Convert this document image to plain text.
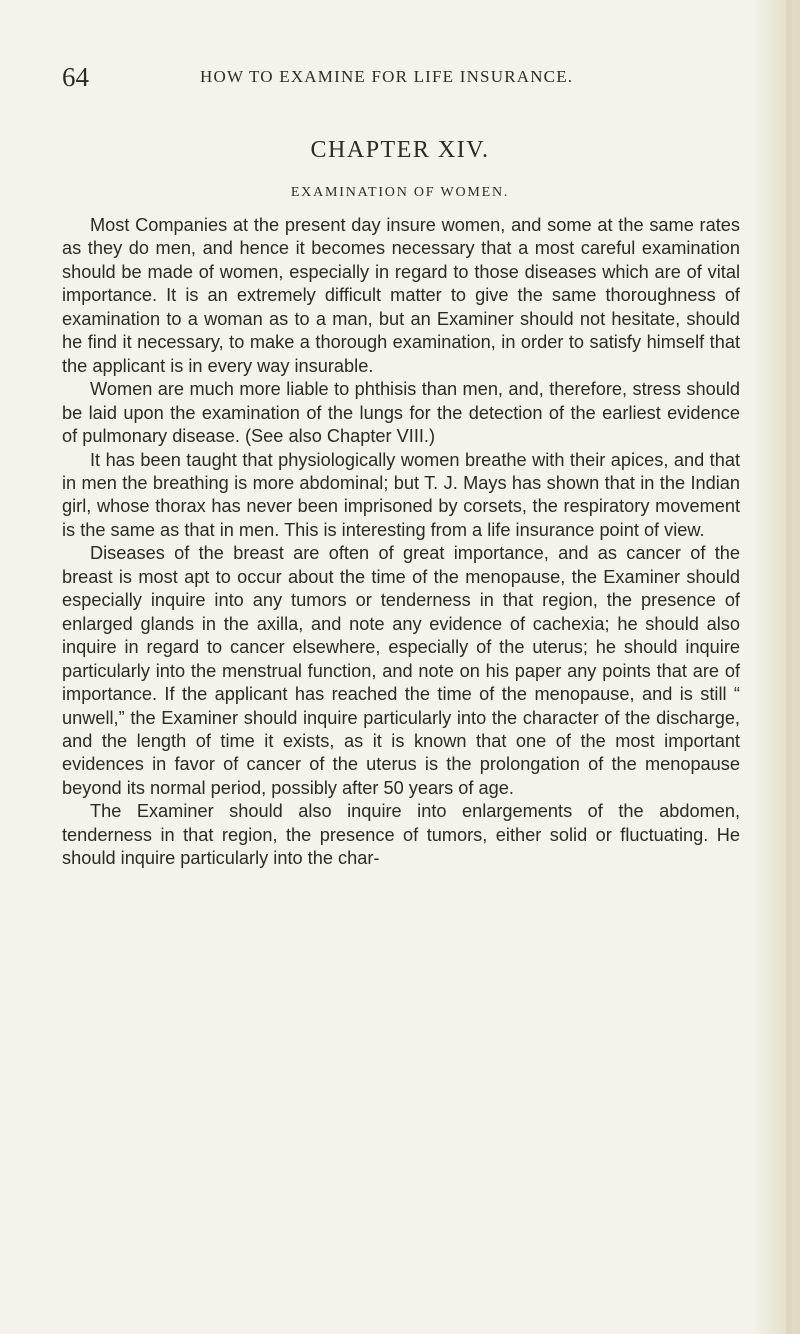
64	HOW TO EXAMINE FOR LIFE INSURANCE.
CHAPTER XIV.
EXAMINATION OF WOMEN.

Most Companies at the present day insure women, and some at the same rates as they do men, and hence it becomes necessary that a most careful examination should be made of women, especially in regard to those diseases which are of vital importance. It is an extremely difficult matter to give the same thoroughness of examination to a woman as to a man, but an Examiner should not hesitate, should he find it necessary, to make a thorough examination, in order to satisfy himself that the applicant is in every way insurable.

Women are much more liable to phthisis than men, and, therefore, stress should be laid upon the examination of the lungs for the detection of the earliest evidence of pulmonary disease. (See also Chapter VIII.)

It has been taught that physiologically women breathe with their apices, and that in men the breathing is more abdominal; but T. J. Mays has shown that in the Indian girl, whose thorax has never been imprisoned by corsets, the respiratory movement is the same as that in men. This is interesting from a life insurance point of view.

Diseases of the breast are often of great importance, and as cancer of the breast is most apt to occur about the time of the menopause, the Examiner should especially inquire into any tumors or tenderness in that region, the presence of enlarged glands in the axilla, and note any evidence of cachexia; he should also inquire in regard to cancer elsewhere, especially of the uterus; he should inquire particularly into the menstrual function, and note on his paper any points that are of importance. If the applicant has reached the time of the menopause, and is still “ unwell,” the Examiner should inquire particularly into the character of the discharge, and the length of time it exists, as it is known that one of the most important evidences in favor of cancer of the uterus is the prolongation of the menopause beyond its normal period, possibly after 50 years of age.

The Examiner should also inquire into enlargements of the abdomen, tenderness in that region, the presence of tumors, either solid or fluctuating. He should inquire particularly into the char-
